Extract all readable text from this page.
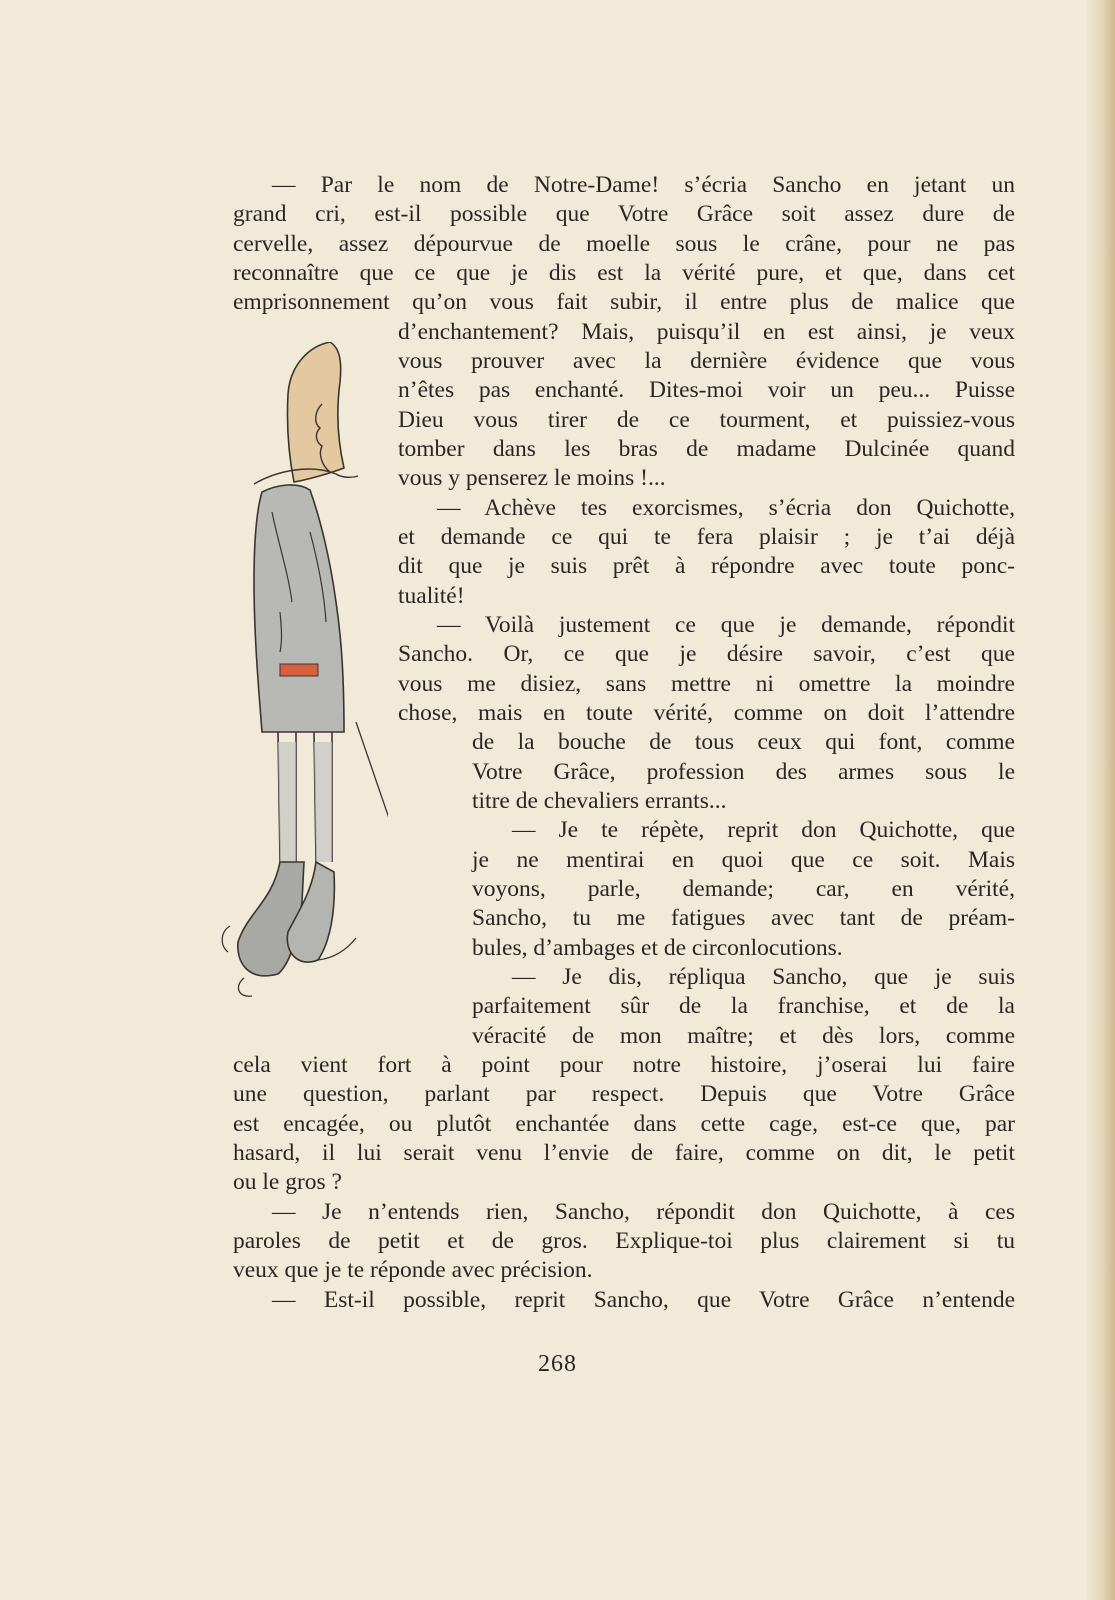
— Par le nom de Notre-Dame! s’écria Sancho en jetant un
grand cri, est-il possible que Votre Grâce soit assez dure de
cervelle, assez dépourvue de moelle sous le crâne, pour ne pas
reconnaître que ce que je dis est la vérité pure, et que, dans cet
emprisonnement qu’on vous fait subir, il entre plus de malice que
d’enchantement? Mais, puisqu’il en est ainsi, je veux
vous prouver avec la dernière évidence que vous
n’êtes pas enchanté. Dites-moi voir un peu... Puisse
Dieu vous tirer de ce tourment, et puissiez-vous
tomber dans les bras de madame Dulcinée quand
vous y penserez le moins !...
— Achève tes exorcismes, s’écria don Quichotte,
et demande ce qui te fera plaisir ; je t’ai déjà
dit que je suis prêt à répondre avec toute ponc-
tualité!
— Voilà justement ce que je demande, répondit
Sancho. Or, ce que je désire savoir, c’est que
vous me disiez, sans mettre ni omettre la moindre
chose, mais en toute vérité, comme on doit l’attendre
de la bouche de tous ceux qui font, comme
Votre Grâce, profession des armes sous le
titre de chevaliers errants...
— Je te répète, reprit don Quichotte, que
je ne mentirai en quoi que ce soit. Mais
voyons, parle, demande; car, en vérité,
Sancho, tu me fatigues avec tant de préam-
bules, d’ambages et de circonlocutions.
— Je dis, répliqua Sancho, que je suis
parfaitement sûr de la franchise, et de la
véracité de mon maître; et dès lors, comme
cela vient fort à point pour notre histoire, j’oserai lui faire
une question, parlant par respect. Depuis que Votre Grâce
est encagée, ou plutôt enchantée dans cette cage, est-ce que, par
hasard, il lui serait venu l’envie de faire, comme on dit, le petit
ou le gros ?
— Je n’entends rien, Sancho, répondit don Quichotte, à ces
paroles de petit et de gros. Explique-toi plus clairement si tu
veux que je te réponde avec précision.
— Est-il possible, reprit Sancho, que Votre Grâce n’entende
268
